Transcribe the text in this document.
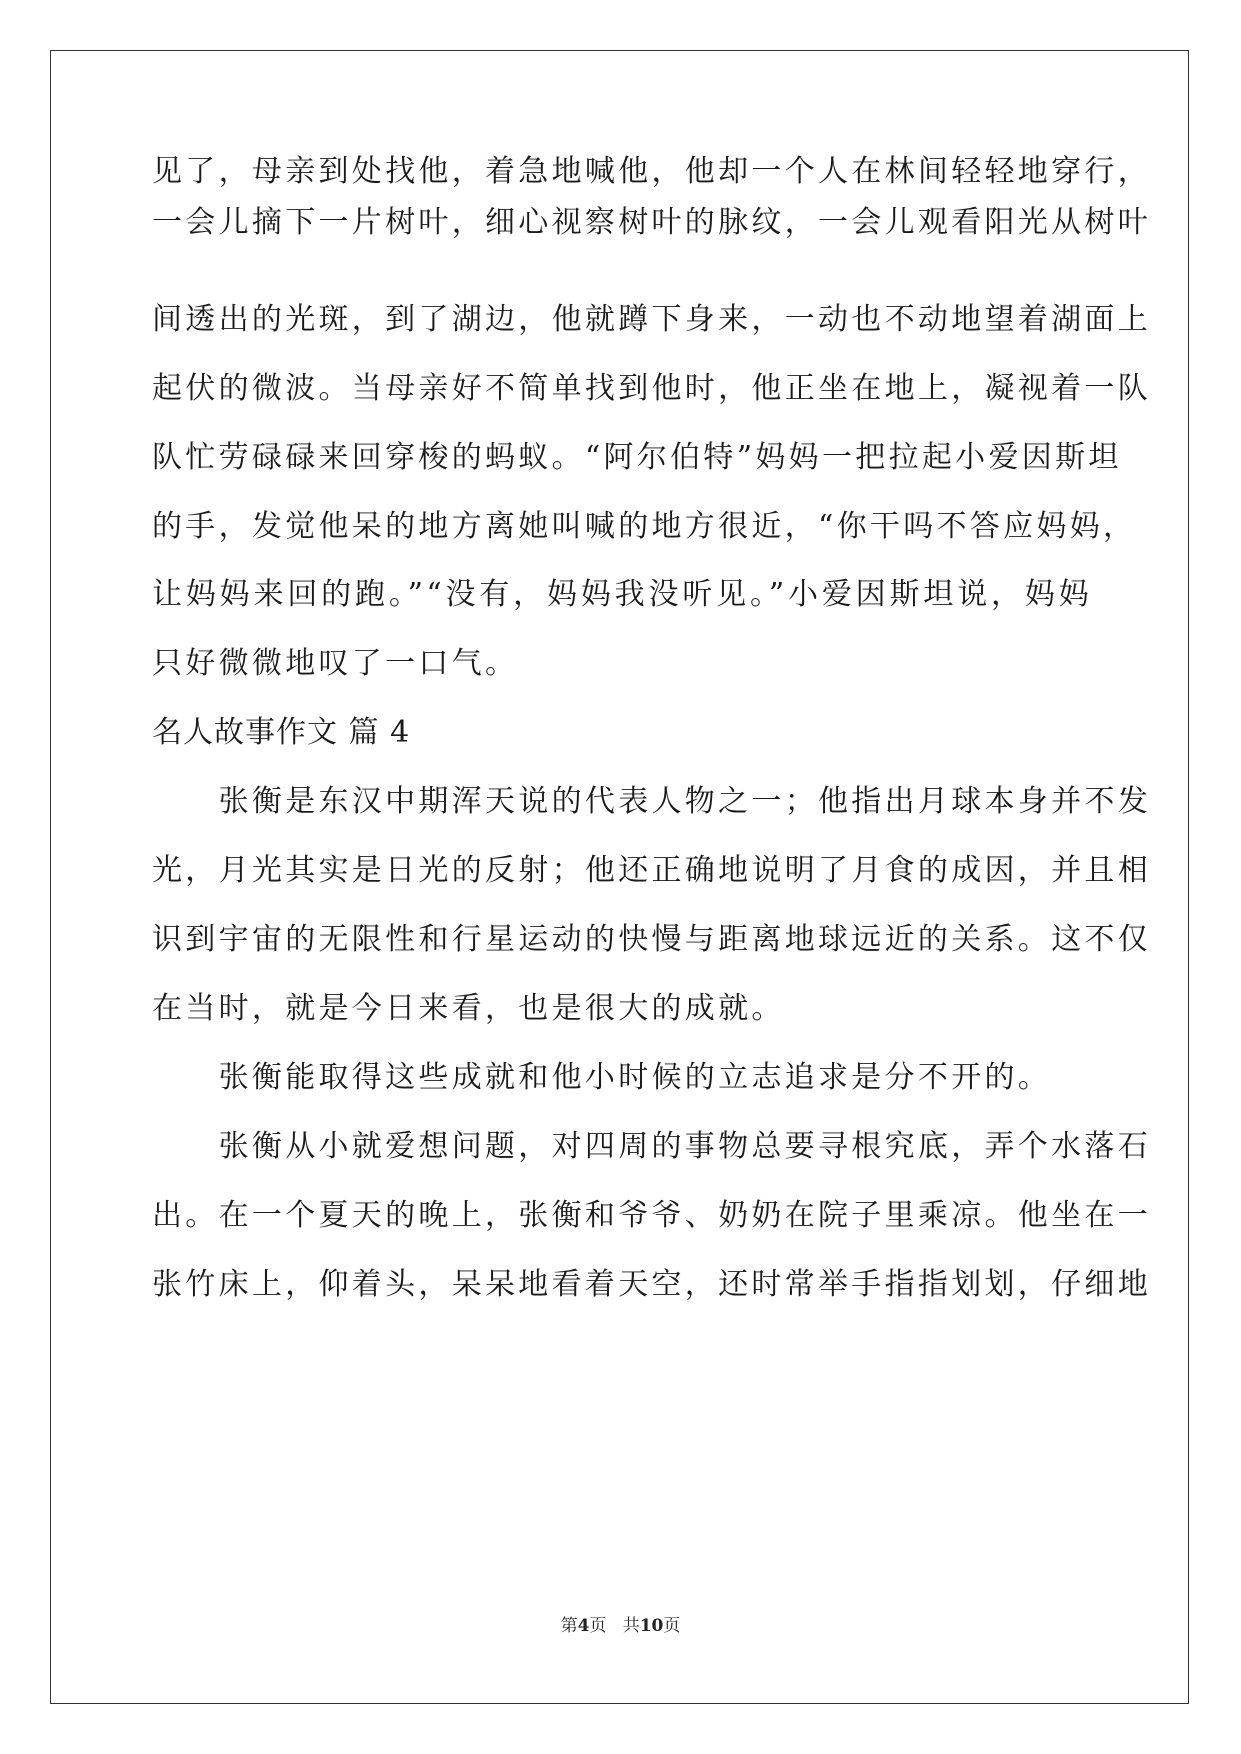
见了，母亲到处找他，着急地喊他，他却一个人在林间轻轻地穿行，
一会儿摘下一片树叶，细心视察树叶的脉纹，一会儿观看阳光从树叶
间透出的光斑，到了湖边，他就蹲下身来，一动也不动地望着湖面上
起伏的微波。当母亲好不简单找到他时，他正坐在地上，凝视着一队
队忙劳碌碌来回穿梭的蚂蚁。“阿尔伯特”妈妈一把拉起小爱因斯坦
的手，发觉他呆的地方离她叫喊的地方很近，“你干吗不答应妈妈，
让妈妈来回的跑。”“没有，妈妈我没听见。”小爱因斯坦说，妈妈
只好微微地叹了一口气。
名人故事作文 篇 4
　　张衡是东汉中期浑天说的代表人物之一；他指出月球本身并不发
光，月光其实是日光的反射；他还正确地说明了月食的成因，并且相
识到宇宙的无限性和行星运动的快慢与距离地球远近的关系。这不仅
在当时，就是今日来看，也是很大的成就。
　　张衡能取得这些成就和他小时候的立志追求是分不开的。
　　张衡从小就爱想问题，对四周的事物总要寻根究底，弄个水落石
出。在一个夏天的晚上，张衡和爷爷、奶奶在院子里乘凉。他坐在一
张竹床上，仰着头，呆呆地看着天空，还时常举手指指划划，仔细地
第4页 共10页
